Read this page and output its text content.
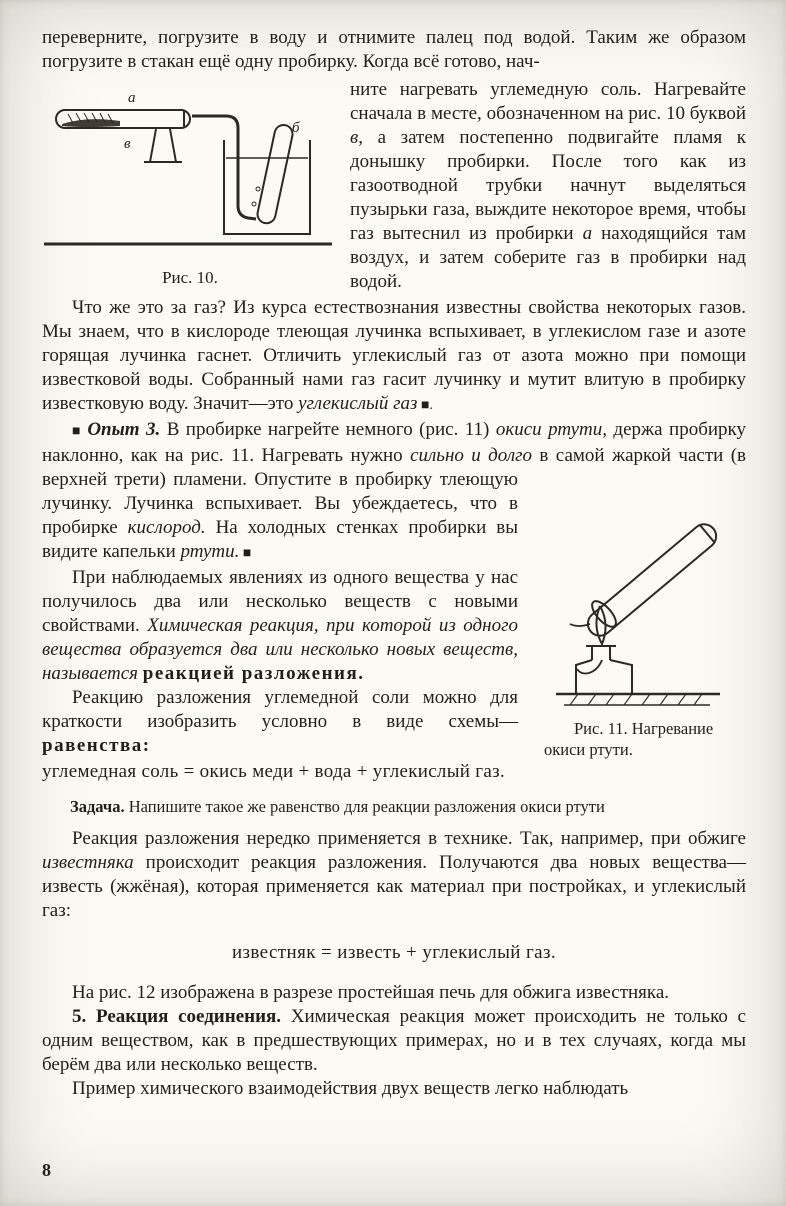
переверните, погрузите в воду и отнимите палец под водой. Таким же образом погрузите в стакан ещё одну пробирку. Когда всё готово, нач-
а
б
в
Рис. 10.
ните нагревать углемедную соль. Нагревайте сначала в месте, обозначенном на рис. 10 буквой в, а затем постепенно подвигайте пламя к донышку пробирки. После того как из газоотводной трубки начнут выделяться пузырьки газа, выждите некоторое время, чтобы газ вытеснил из пробирки а находящийся там воздух, и затем соберите газ в пробирки над водой.
Что же это за газ? Из курса естествознания известны свойства некоторых газов. Мы знаем, что в кислороде тлеющая лучинка вспыхивает, в углекислом газе и азоте горящая лучинка гаснет. Отличить углекислый газ от азота можно при помощи известковой воды. Собранный нами газ гасит лучинку и мутит влитую в пробирку известковую воду. Значит—это углекислый газ ■.
■ Опыт 3. В пробирке нагрейте немного (рис. 11) окиси ртути, держа пробирку наклонно, как на рис. 11. Нагревать нужно сильно и долго в самой жаркой части (в верхней трети) пламени. Опустите в
Рис. 11. Нагревание окиси ртути.
пробирку тлеющую лучинку. Лучинка вспыхивает. Вы убеждаетесь, что в пробирке кислород. На холодных стенках пробирки вы видите капельки ртути. ■
При наблюдаемых явлениях из одного вещества у нас получилось два или несколько веществ с новыми свойствами. Химическая реакция, при которой из одного вещества образуется два или несколько новых веществ, называется реакцией разложения.
Реакцию разложения углемедной соли можно для краткости изобразить условно в виде схемы—равенства:
углемедная соль = окись меди + вода + углекислый газ.
Задача. Напишите такое же равенство для реакции разложения окиси ртути
Реакция разложения нередко применяется в технике. Так, например, при обжиге известняка происходит реакция разложения. Получаются два новых вещества—известь (жжёная), которая применяется как материал при постройках, и углекислый газ:
известняк = известь + углекислый газ.
На рис. 12 изображена в разрезе простейшая печь для обжига известняка.
5. Реакция соединения. Химическая реакция может происходить не только с одним веществом, как в предшествующих примерах, но и в тех случаях, когда мы берём два или несколько веществ.
Пример химического взаимодействия двух веществ легко наблюдать
8
